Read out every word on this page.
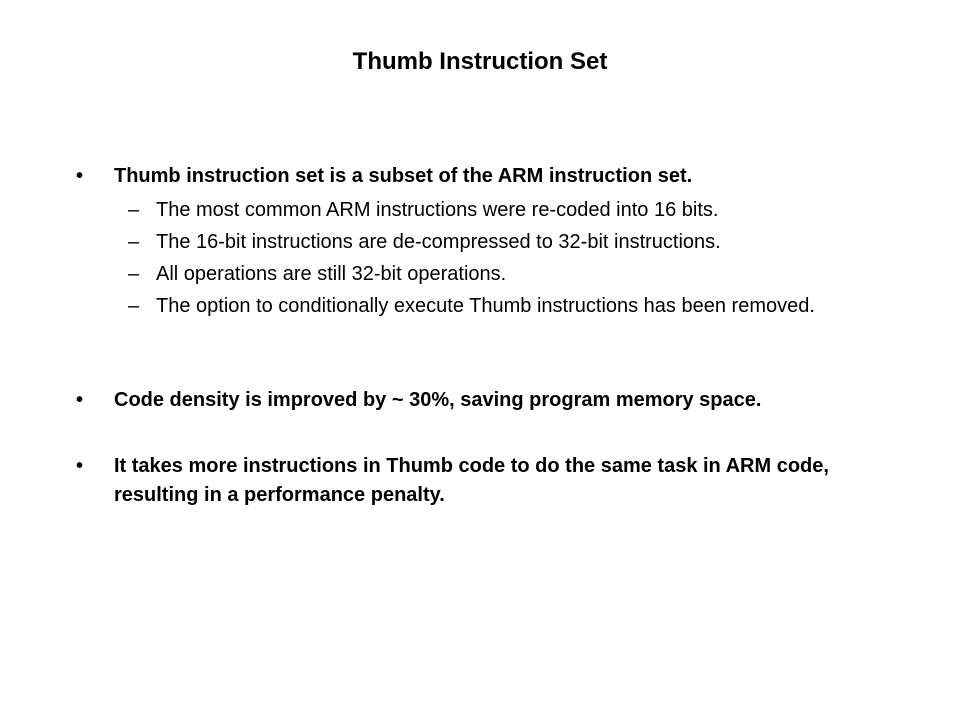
Thumb Instruction Set
•	Thumb instruction set is a subset of the ARM instruction set.
– The most common ARM instructions were re-coded into 16 bits.
– The 16-bit instructions are de-compressed to 32-bit instructions.
– All operations are still 32-bit operations.
– The option to conditionally execute Thumb instructions has been removed.
•	Code density is improved by ~ 30%, saving program memory space.
•	It takes more instructions in Thumb code to do the same task in ARM code, resulting in a performance penalty.
